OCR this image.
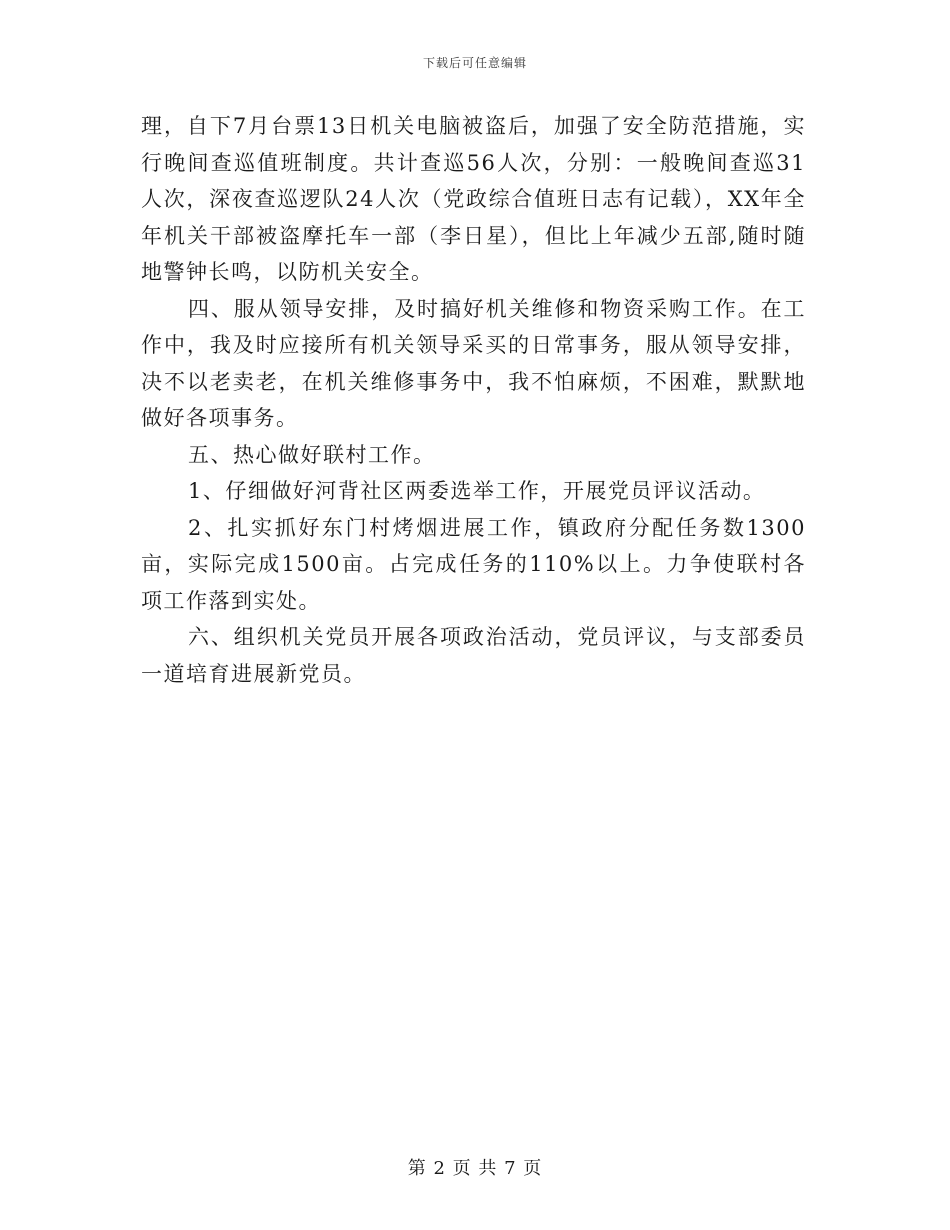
下载后可任意编辑

理，自下7月台票13日机关电脑被盗后，加强了安全防范措施，实行晚间查巡值班制度。共计查巡56人次，分别：一般晚间查巡31人次，深夜查巡逻队24人次（党政综合值班日志有记载），XX年全年机关干部被盗摩托车一部（李日星），但比上年减少五部,随时随地警钟长鸣，以防机关安全。

四、服从领导安排，及时搞好机关维修和物资采购工作。在工作中，我及时应接所有机关领导采买的日常事务，服从领导安排，决不以老卖老，在机关维修事务中，我不怕麻烦，不困难，默默地做好各项事务。

五、热心做好联村工作。

1、仔细做好河背社区两委选举工作，开展党员评议活动。

2、扎实抓好东门村烤烟进展工作，镇政府分配任务数1300亩，实际完成1500亩。占完成任务的110%以上。力争使联村各项工作落到实处。

六、组织机关党员开展各项政治活动，党员评议，与支部委员一道培育进展新党员。

第 2 页 共 7 页
